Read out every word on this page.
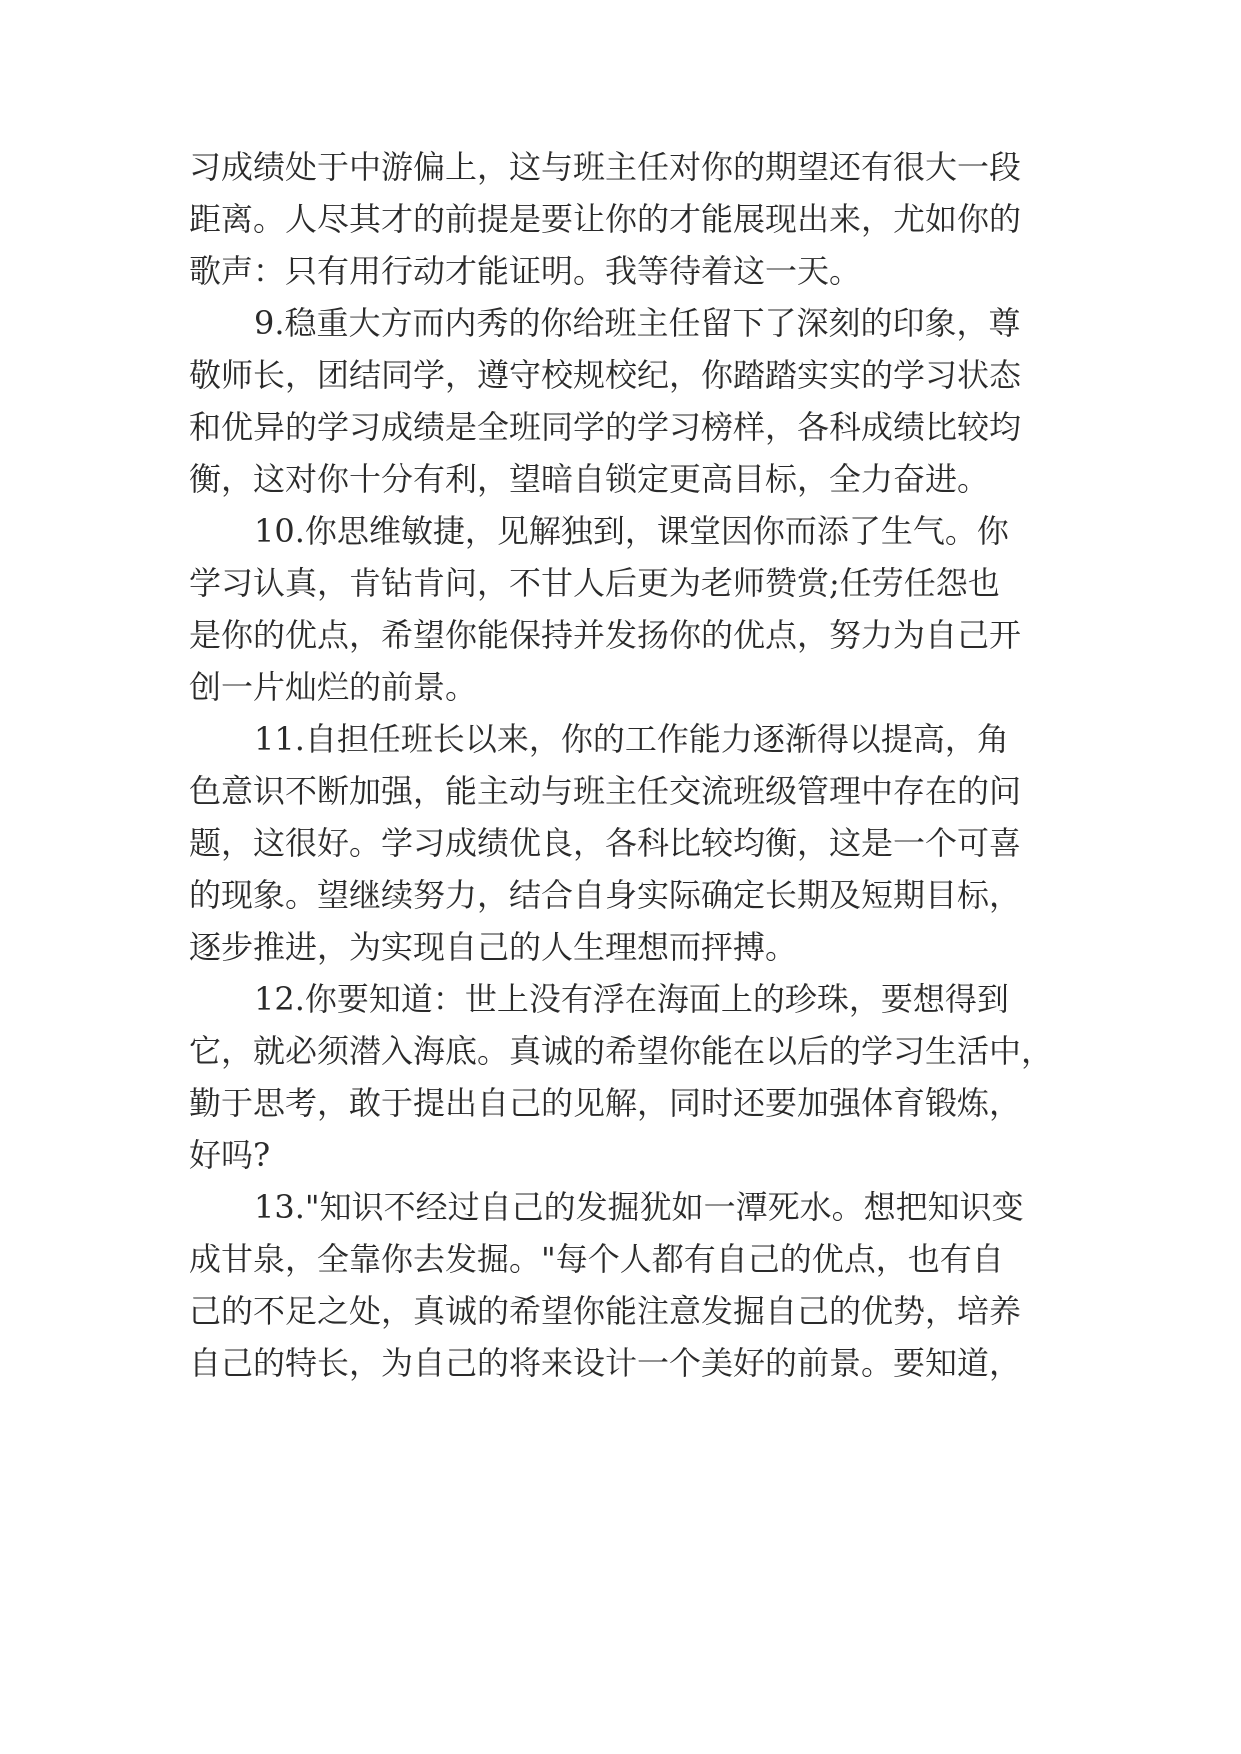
习成绩处于中游偏上，这与班主任对你的期望还有很大一段
距离。人尽其才的前提是要让你的才能展现出来，尤如你的
歌声：只有用行动才能证明。我等待着这一天。
9.稳重大方而内秀的你给班主任留下了深刻的印象，尊
敬师长，团结同学，遵守校规校纪，你踏踏实实的学习状态
和优异的学习成绩是全班同学的学习榜样，各科成绩比较均
衡，这对你十分有利，望暗自锁定更高目标，全力奋进。
10.你思维敏捷，见解独到，课堂因你而添了生气。你
学习认真，肯钻肯问，不甘人后更为老师赞赏;任劳任怨也
是你的优点，希望你能保持并发扬你的优点，努力为自己开
创一片灿烂的前景。
11.自担任班长以来，你的工作能力逐渐得以提高，角
色意识不断加强，能主动与班主任交流班级管理中存在的问
题，这很好。学习成绩优良，各科比较均衡，这是一个可喜
的现象。望继续努力，结合自身实际确定长期及短期目标，
逐步推进，为实现自己的人生理想而抨搏。
12.你要知道：世上没有浮在海面上的珍珠，要想得到
它，就必须潜入海底。真诚的希望你能在以后的学习生活中，
勤于思考，敢于提出自己的见解，同时还要加强体育锻炼，
好吗?
13."知识不经过自己的发掘犹如一潭死水。想把知识变
成甘泉，全靠你去发掘。"每个人都有自己的优点，也有自
己的不足之处，真诚的希望你能注意发掘自己的优势，培养
自己的特长，为自己的将来设计一个美好的前景。要知道，
